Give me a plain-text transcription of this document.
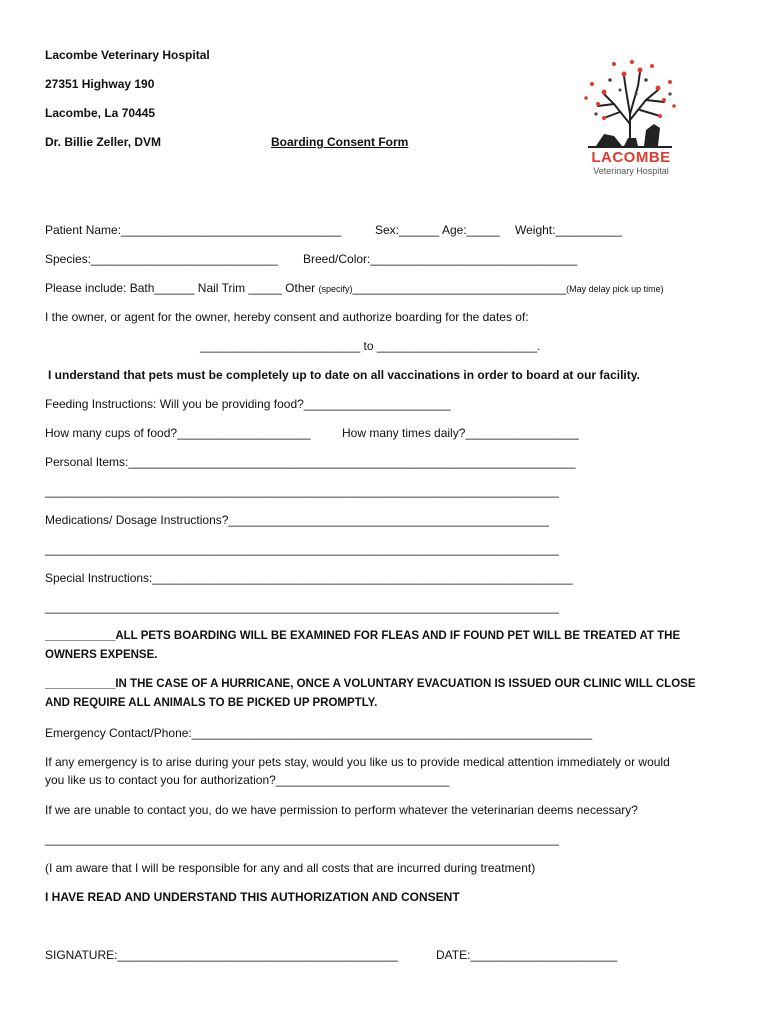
Lacombe Veterinary Hospital
27351 Highway 190
Lacombe, La 70445
Dr. Billie Zeller, DVM	Boarding Consent Form
LACOMBE
Veterinary Hospital
Patient Name:_________________________________	Sex:______ Age:_____ Weight:__________
Species:____________________________ Breed/Color:_______________________________
Please include: Bath______ Nail Trim _____ Other (specify)________________________________(May delay pick up time)
I the owner, or agent for the owner, hereby consent and authorize boarding for the dates of:
________________________ to ________________________.
I understand that pets must be completely up to date on all vaccinations in order to board at our facility.
Feeding Instructions: Will you be providing food?______________________
How many cups of food?____________________	How many times daily?_________________
Personal Items:___________________________________________________________________
_____________________________________________________________________________
Medications/ Dosage Instructions?________________________________________________
_____________________________________________________________________________
Special Instructions:_______________________________________________________________
_____________________________________________________________________________
___________ALL PETS BOARDING WILL BE EXAMINED FOR FLEAS AND IF FOUND PET WILL BE TREATED AT THE
OWNERS EXPENSE.
___________IN THE CASE OF A HURRICANE, ONCE A VOLUNTARY EVACUATION IS ISSUED OUR CLINIC WILL CLOSE
AND REQUIRE ALL ANIMALS TO BE PICKED UP PROMPTLY.
Emergency Contact/Phone:____________________________________________________________
If any emergency is to arise during your pets stay, would you like us to provide medical attention immediately or would
you like us to contact you for authorization?__________________________
If we are unable to contact you, do we have permission to perform whatever the veterinarian deems necessary?
_____________________________________________________________________________
(I am aware that I will be responsible for any and all costs that are incurred during treatment)
I HAVE READ AND UNDERSTAND THIS AUTHORIZATION AND CONSENT
SIGNATURE:__________________________________________	DATE:______________________
